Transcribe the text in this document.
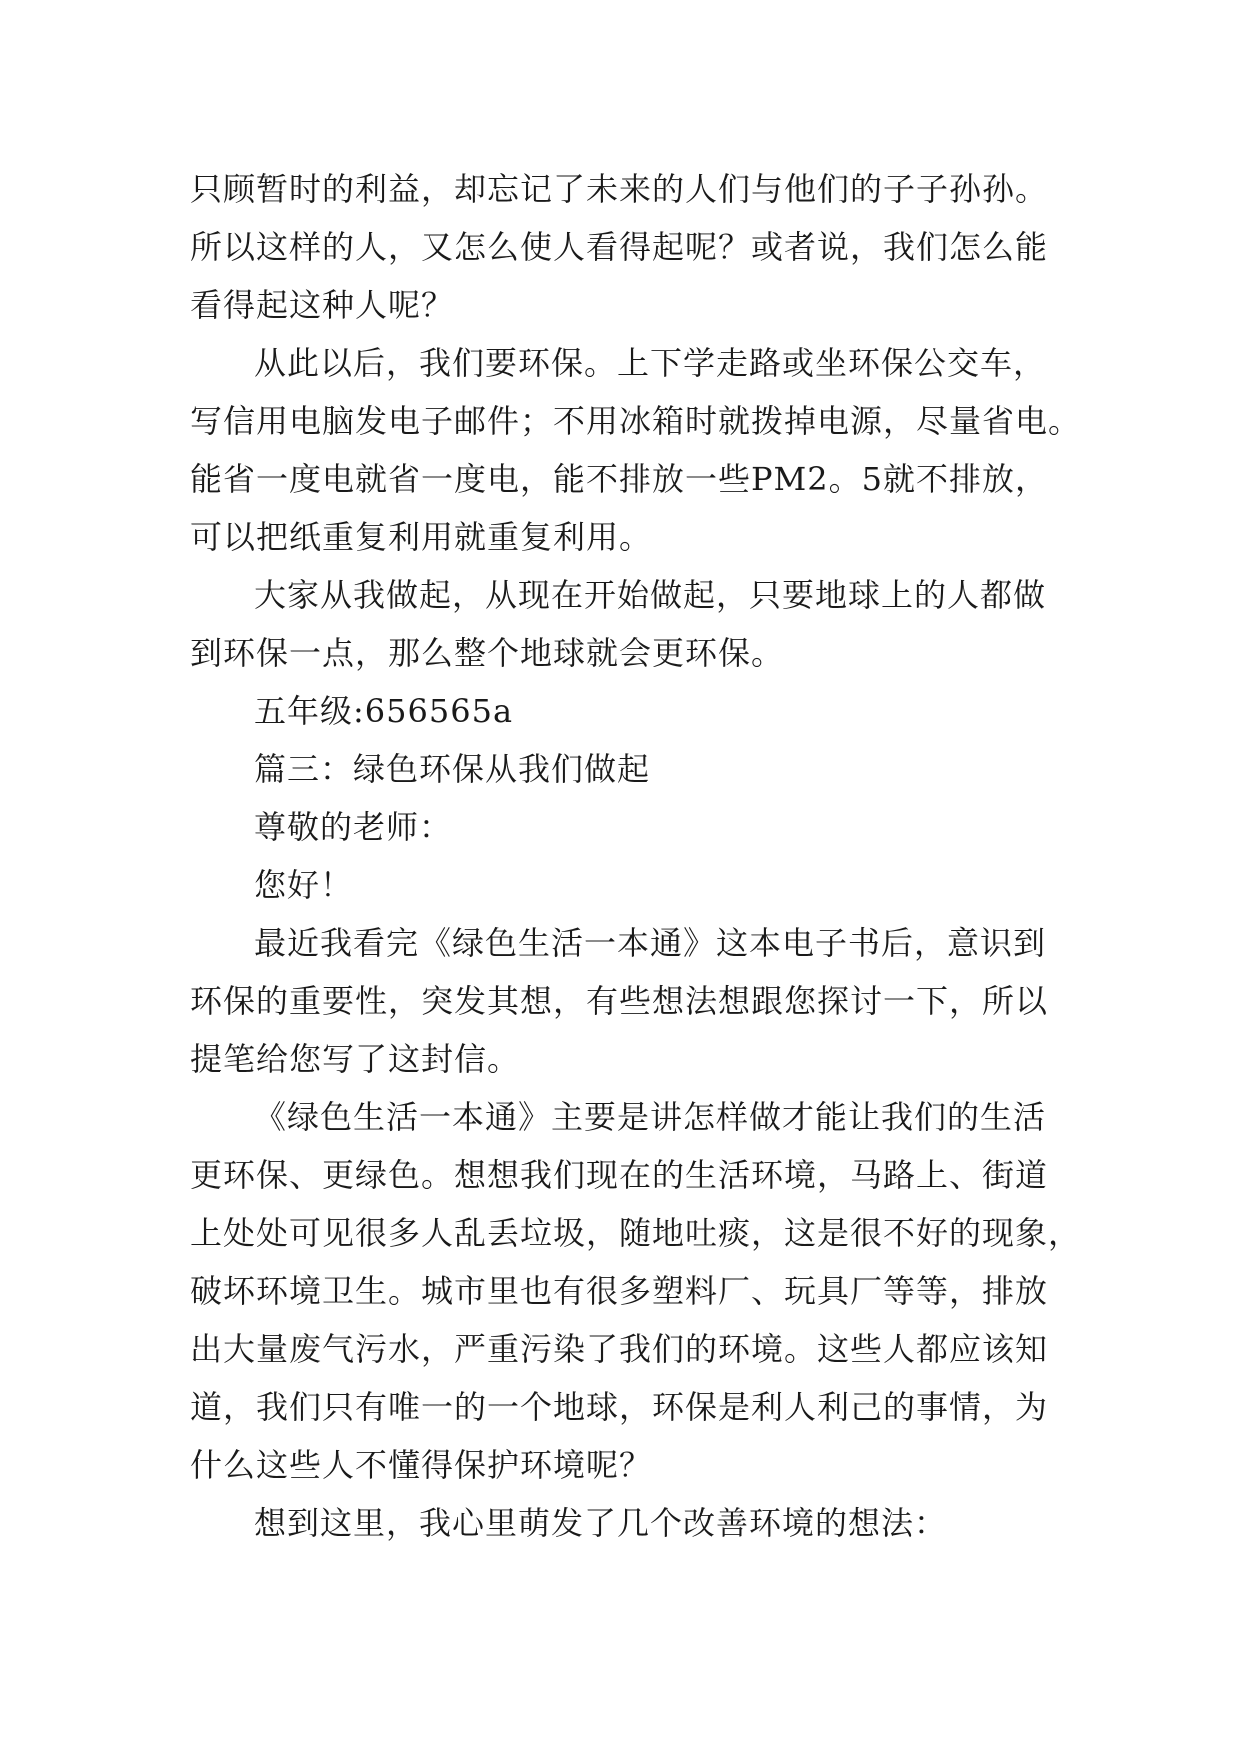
只顾暂时的利益，却忘记了未来的人们与他们的子子孙孙。

所以这样的人，又怎么使人看得起呢？或者说，我们怎么能

看得起这种人呢？

从此以后，我们要环保。上下学走路或坐环保公交车，

写信用电脑发电子邮件；不用冰箱时就拨掉电源，尽量省电。

能省一度电就省一度电，能不排放一些PM2。5就不排放，

可以把纸重复利用就重复利用。

大家从我做起，从现在开始做起，只要地球上的人都做

到环保一点，那么整个地球就会更环保。

五年级:656565a

篇三：绿色环保从我们做起

尊敬的老师：

您好！

最近我看完《绿色生活一本通》这本电子书后，意识到

环保的重要性，突发其想，有些想法想跟您探讨一下，所以

提笔给您写了这封信。

《绿色生活一本通》主要是讲怎样做才能让我们的生活

更环保、更绿色。想想我们现在的生活环境，马路上、街道

上处处可见很多人乱丢垃圾，随地吐痰，这是很不好的现象，

破坏环境卫生。城市里也有很多塑料厂、玩具厂等等，排放

出大量废气污水，严重污染了我们的环境。这些人都应该知

道，我们只有唯一的一个地球，环保是利人利己的事情，为

什么这些人不懂得保护环境呢？

想到这里，我心里萌发了几个改善环境的想法：
